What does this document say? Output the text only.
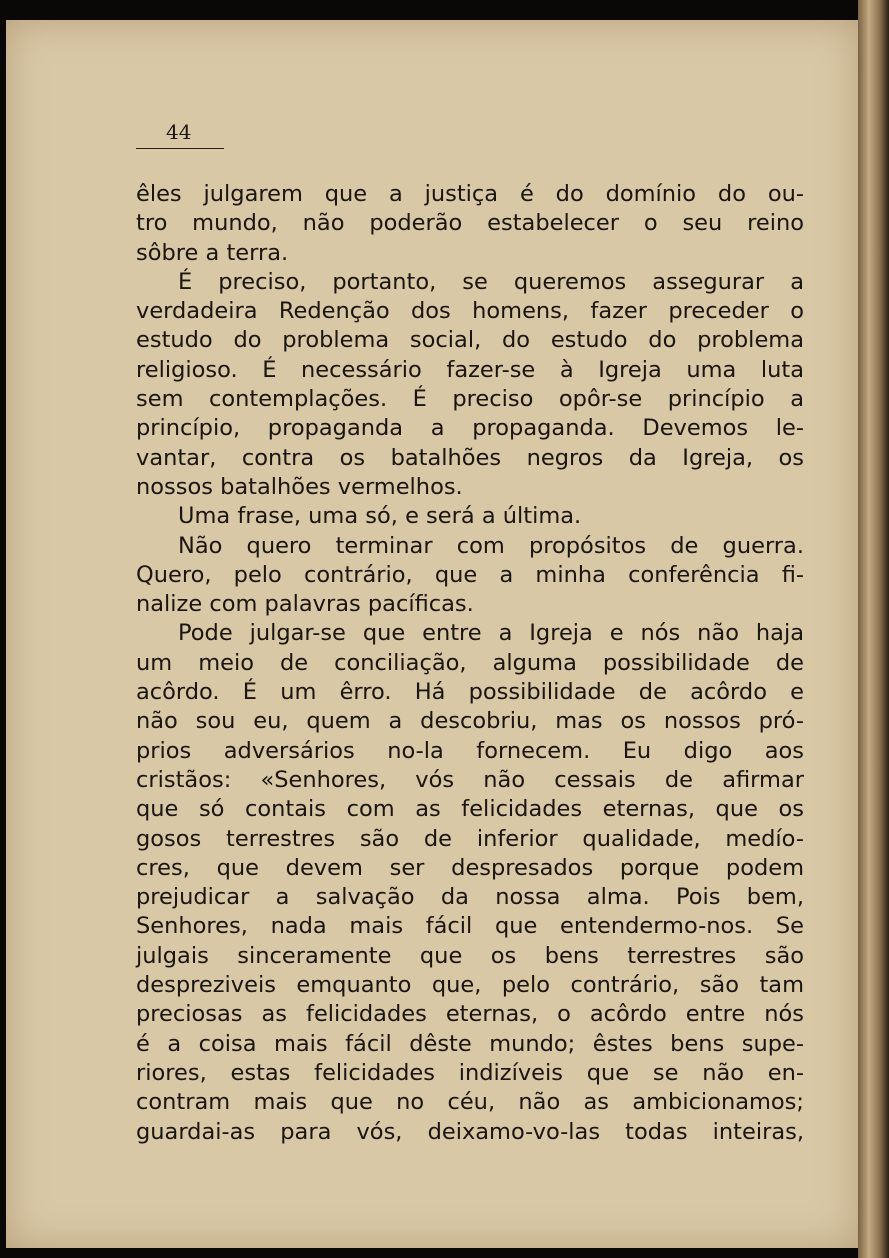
44
êles julgarem que a justiça é do domínio do ou-
tro mundo, não poderão estabelecer o seu reino
sôbre a terra.
É preciso, portanto, se queremos assegurar a
verdadeira Redenção dos homens, fazer preceder o
estudo do problema social, do estudo do problema
religioso. É necessário fazer-se à Igreja uma luta
sem contemplações. É preciso opôr-se princípio a
princípio, propaganda a propaganda. Devemos le-
vantar, contra os batalhões negros da Igreja, os
nossos batalhões vermelhos.
Uma frase, uma só, e será a última.
Não quero terminar com propósitos de guerra.
Quero, pelo contrário, que a minha conferência fi-
nalize com palavras pacíficas.
Pode julgar-se que entre a Igreja e nós não haja
um meio de conciliação, alguma possibilidade de
acôrdo. É um êrro. Há possibilidade de acôrdo e
não sou eu, quem a descobriu, mas os nossos pró-
prios adversários no-la fornecem. Eu digo aos
cristãos: «Senhores, vós não cessais de afirmar
que só contais com as felicidades eternas, que os
gosos terrestres são de inferior qualidade, medío-
cres, que devem ser despresados porque podem
prejudicar a salvação da nossa alma. Pois bem,
Senhores, nada mais fácil que entendermo-nos. Se
julgais sinceramente que os bens terrestres são
despreziveis emquanto que, pelo contrário, são tam
preciosas as felicidades eternas, o acôrdo entre nós
é a coisa mais fácil dêste mundo; êstes bens supe-
riores, estas felicidades indizíveis que se não en-
contram mais que no céu, não as ambicionamos;
guardai-as para vós, deixamo-vo-las todas inteiras,
